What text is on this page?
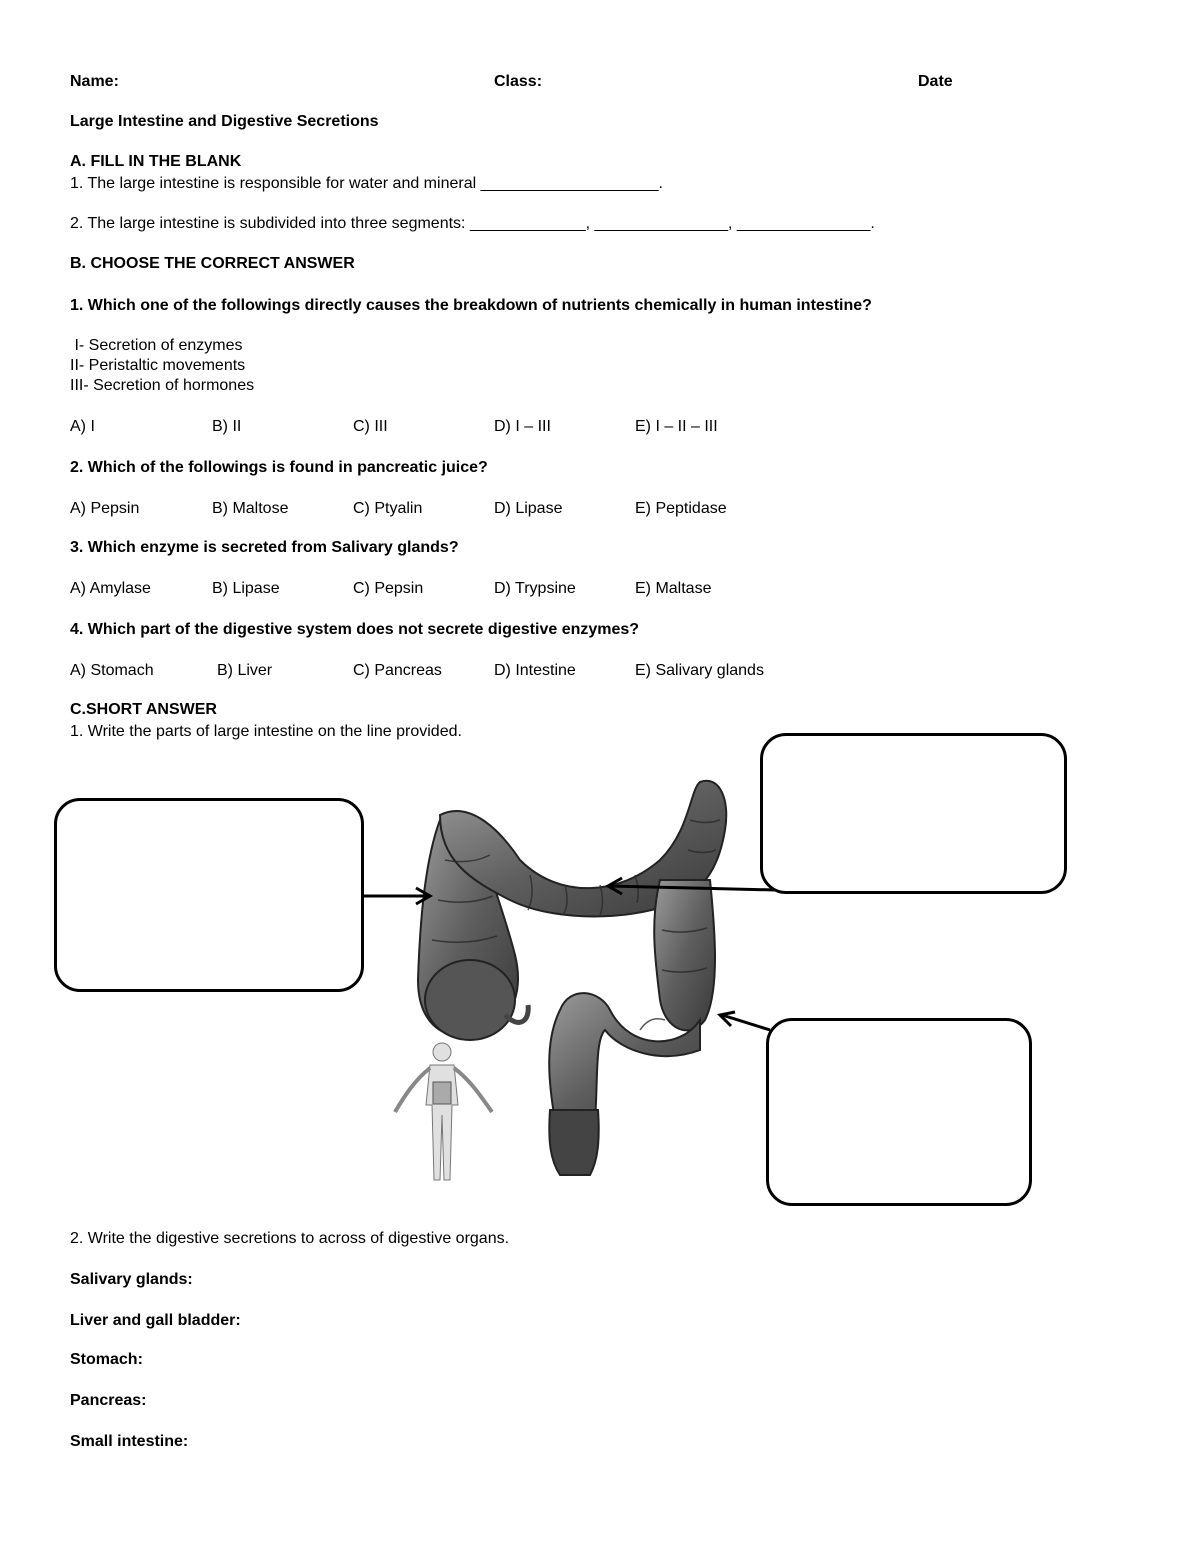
Name:	Class:	Date
Large Intestine and Digestive Secretions
A. FILL IN THE BLANK
1. The large intestine is responsible for water and mineral ____________________.
2. The large intestine is subdivided into three segments: _____________, _______________, _______________.
B. CHOOSE THE CORRECT ANSWER
1. Which one of the followings directly causes the breakdown of nutrients chemically in human intestine?
I- Secretion of enzymes
II- Peristaltic movements
III- Secretion of hormones
A) I	B) II	C) III	D) I – III	E) I – II – III
2. Which of the followings is found in pancreatic juice?
A) Pepsin	B) Maltose	C) Ptyalin	D) Lipase	E) Peptidase
3. Which enzyme is secreted from Salivary glands?
A) Amylase	B) Lipase	C) Pepsin	D) Trypsine	E) Maltase
4. Which part of the digestive system does not secrete digestive enzymes?
A) Stomach	B) Liver	C) Pancreas	D) Intestine	E) Salivary glands
C.SHORT ANSWER
1. Write the parts of large intestine on the line provided.
2. Write the digestive secretions to across of digestive organs.
Salivary glands:
Liver and gall bladder:
Stomach:
Pancreas:
Small intestine:
